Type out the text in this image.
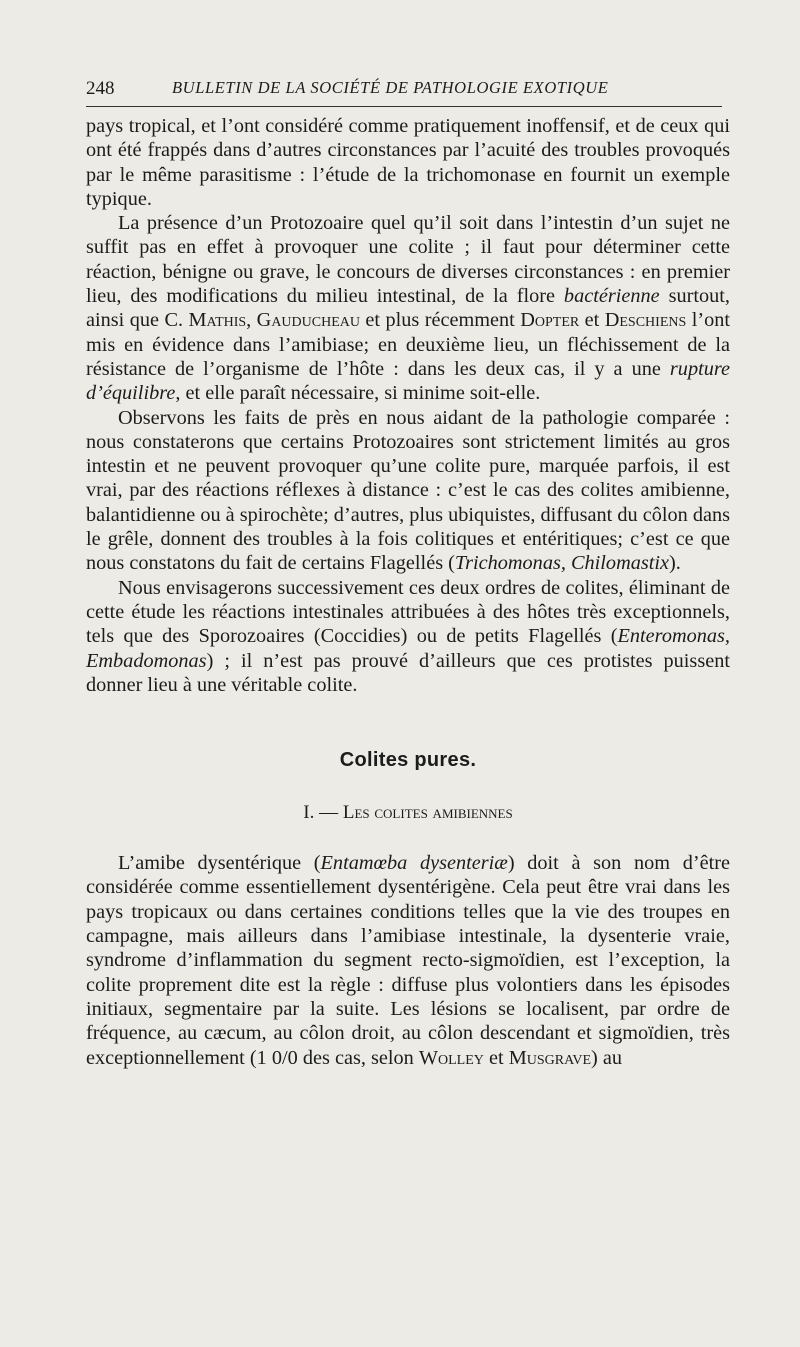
248	BULLETIN DE LA SOCIÉTÉ DE PATHOLOGIE EXOTIQUE

pays tropical, et l’ont considéré comme pratiquement inoffensif, et de ceux qui ont été frappés dans d’autres circonstances par l’acuité des troubles provoqués par le même parasitisme : l’étude de la trichomonase en fournit un exemple typique.

La présence d’un Protozoaire quel qu’il soit dans l’intestin d’un sujet ne suffit pas en effet à provoquer une colite ; il faut pour déterminer cette réaction, bénigne ou grave, le concours de diverses circonstances : en premier lieu, des modifications du milieu intestinal, de la flore bactérienne surtout, ainsi que C. Mathis, Gauducheau et plus récemment Dopter et Deschiens l’ont mis en évidence dans l’amibiase; en deuxième lieu, un fléchissement de la résistance de l’organisme de l’hôte : dans les deux cas, il y a une rupture d’équilibre, et elle paraît nécessaire, si minime soit-elle.

Observons les faits de près en nous aidant de la pathologie comparée : nous constaterons que certains Protozoaires sont strictement limités au gros intestin et ne peuvent provoquer qu’une colite pure, marquée parfois, il est vrai, par des réactions réflexes à distance : c’est le cas des colites amibienne, balantidienne ou à spirochète; d’autres, plus ubiquistes, diffusant du côlon dans le grêle, donnent des troubles à la fois colitiques et entéritiques; c’est ce que nous constatons du fait de certains Flagellés (Trichomonas, Chilomastix).

Nous envisagerons successivement ces deux ordres de colites, éliminant de cette étude les réactions intestinales attribuées à des hôtes très exceptionnels, tels que des Sporozoaires (Coccidies) ou de petits Flagellés (Enteromonas, Embadomonas) ; il n’est pas prouvé d’ailleurs que ces protistes puissent donner lieu à une véritable colite.

Colites pures.
I. — Les colites amibiennes

L’amibe dysentérique (Entamœba dysenteriæ) doit à son nom d’être considérée comme essentiellement dysentérigène. Cela peut être vrai dans les pays tropicaux ou dans certaines conditions telles que la vie des troupes en campagne, mais ailleurs dans l’amibiase intestinale, la dysenterie vraie, syndrome d’inflammation du segment recto-sigmoïdien, est l’exception, la colite proprement dite est la règle : diffuse plus volontiers dans les épisodes initiaux, segmentaire par la suite. Les lésions se localisent, par ordre de fréquence, au cæcum, au côlon droit, au côlon descendant et sigmoïdien, très exceptionnellement (1 0/0 des cas, selon Wolley et Musgrave) au
